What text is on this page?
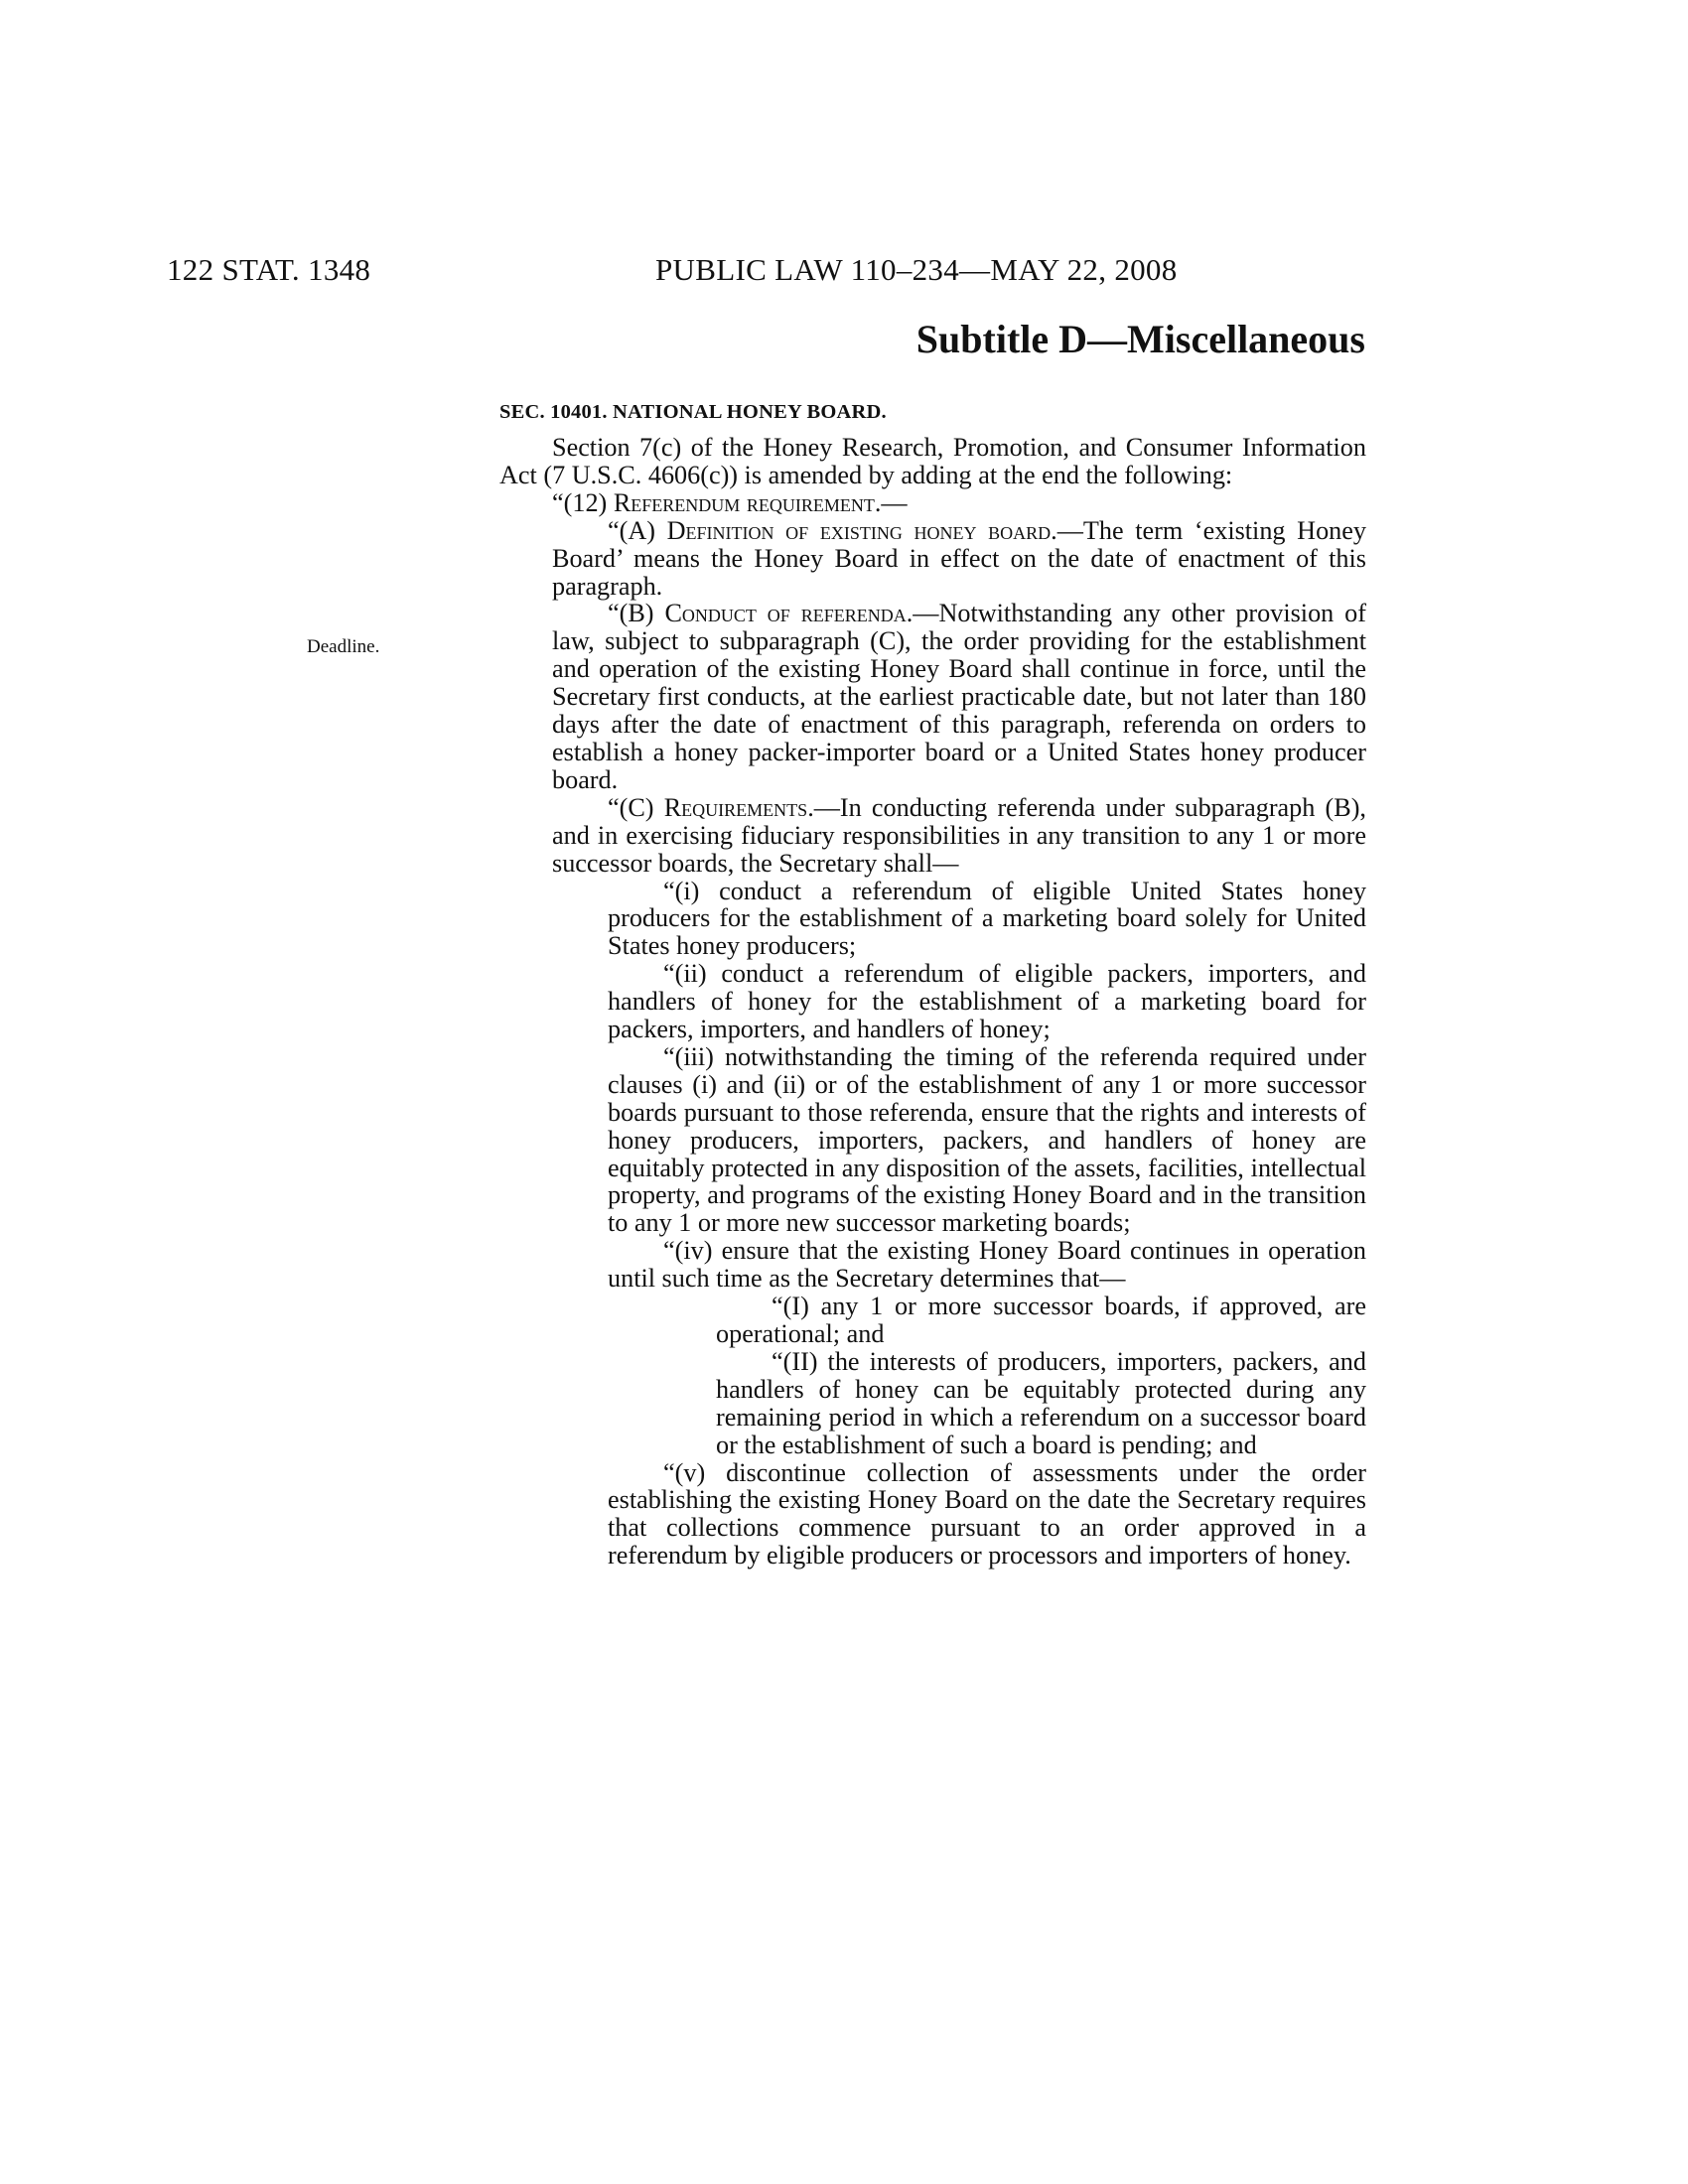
122 STAT. 1348	PUBLIC LAW 110–234—MAY 22, 2008
Subtitle D—Miscellaneous
SEC. 10401. NATIONAL HONEY BOARD.
Deadline.

Section 7(c) of the Honey Research, Promotion, and Consumer Information Act (7 U.S.C. 4606(c)) is amended by adding at the end the following:

“(12) Referendum requirement.—

“(A) Definition of existing honey board.—The term ‘existing Honey Board’ means the Honey Board in effect on the date of enactment of this paragraph.

“(B) Conduct of referenda.—Notwithstanding any other provision of law, subject to subparagraph (C), the order providing for the establishment and operation of the existing Honey Board shall continue in force, until the Secretary first conducts, at the earliest practicable date, but not later than 180 days after the date of enactment of this paragraph, referenda on orders to establish a honey packer-importer board or a United States honey producer board.

“(C) Requirements.—In conducting referenda under subparagraph (B), and in exercising fiduciary responsibilities in any transition to any 1 or more successor boards, the Secretary shall—

“(i) conduct a referendum of eligible United States honey producers for the establishment of a marketing board solely for United States honey producers;

“(ii) conduct a referendum of eligible packers, importers, and handlers of honey for the establishment of a marketing board for packers, importers, and handlers of honey;

“(iii) notwithstanding the timing of the referenda required under clauses (i) and (ii) or of the establishment of any 1 or more successor boards pursuant to those referenda, ensure that the rights and interests of honey producers, importers, packers, and handlers of honey are equitably protected in any disposition of the assets, facilities, intellectual property, and programs of the existing Honey Board and in the transition to any 1 or more new successor marketing boards;

“(iv) ensure that the existing Honey Board continues in operation until such time as the Secretary determines that—

“(I) any 1 or more successor boards, if approved, are operational; and

“(II) the interests of producers, importers, packers, and handlers of honey can be equitably protected during any remaining period in which a referendum on a successor board or the establishment of such a board is pending; and

“(v) discontinue collection of assessments under the order establishing the existing Honey Board on the date the Secretary requires that collections commence pursuant to an order approved in a referendum by eligible producers or processors and importers of honey.
